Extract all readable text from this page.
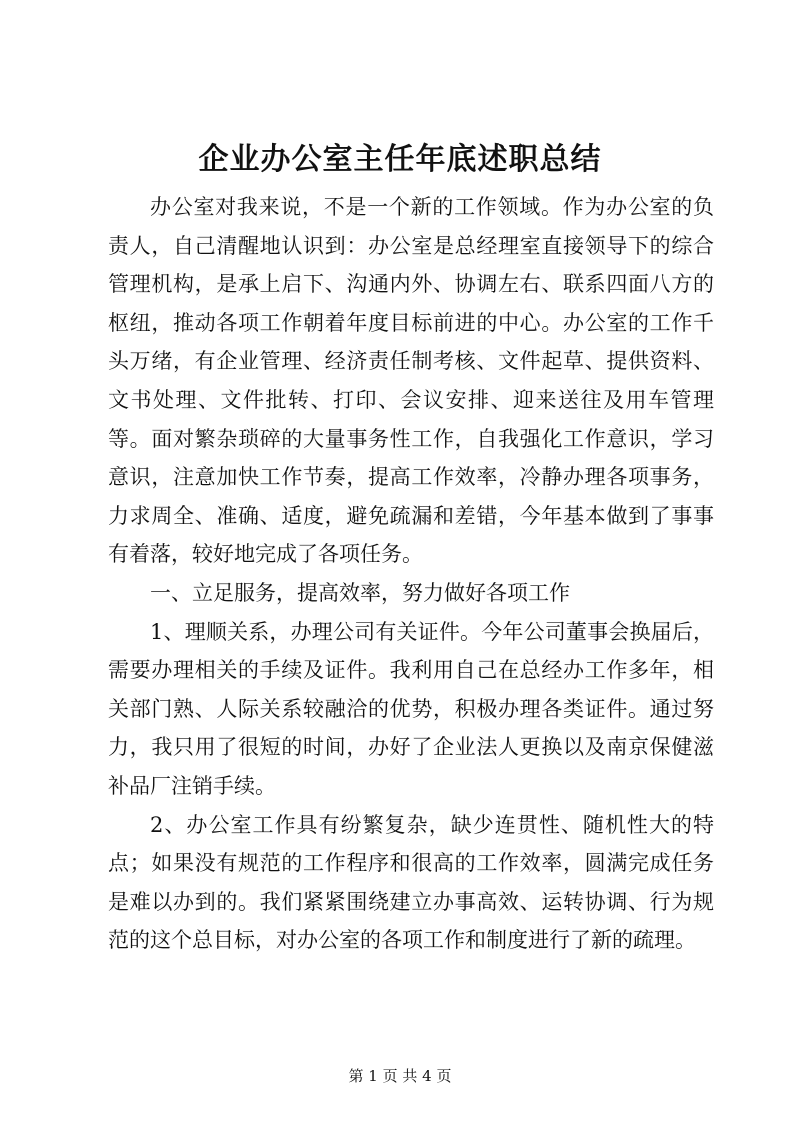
企业办公室主任年底述职总结

办公室对我来说，不是一个新的工作领域。作为办公室的负责人，自己清醒地认识到：办公室是总经理室直接领导下的综合管理机构，是承上启下、沟通内外、协调左右、联系四面八方的枢纽，推动各项工作朝着年度目标前进的中心。办公室的工作千头万绪，有企业管理、经济责任制考核、文件起草、提供资料、文书处理、文件批转、打印、会议安排、迎来送往及用车管理等。面对繁杂琐碎的大量事务性工作，自我强化工作意识，学习意识，注意加快工作节奏，提高工作效率，冷静办理各项事务，力求周全、准确、适度，避免疏漏和差错，今年基本做到了事事有着落，较好地完成了各项任务。

一、立足服务，提高效率，努力做好各项工作

1、理顺关系，办理公司有关证件。今年公司董事会换届后，需要办理相关的手续及证件。我利用自己在总经办工作多年，相关部门熟、人际关系较融洽的优势，积极办理各类证件。通过努力，我只用了很短的时间，办好了企业法人更换以及南京保健滋补品厂注销手续。

2、办公室工作具有纷繁复杂，缺少连贯性、随机性大的特点；如果没有规范的工作程序和很高的工作效率，圆满完成任务是难以办到的。我们紧紧围绕建立办事高效、运转协调、行为规范的这个总目标，对办公室的各项工作和制度进行了新的疏理。

第 1 页 共 4 页
